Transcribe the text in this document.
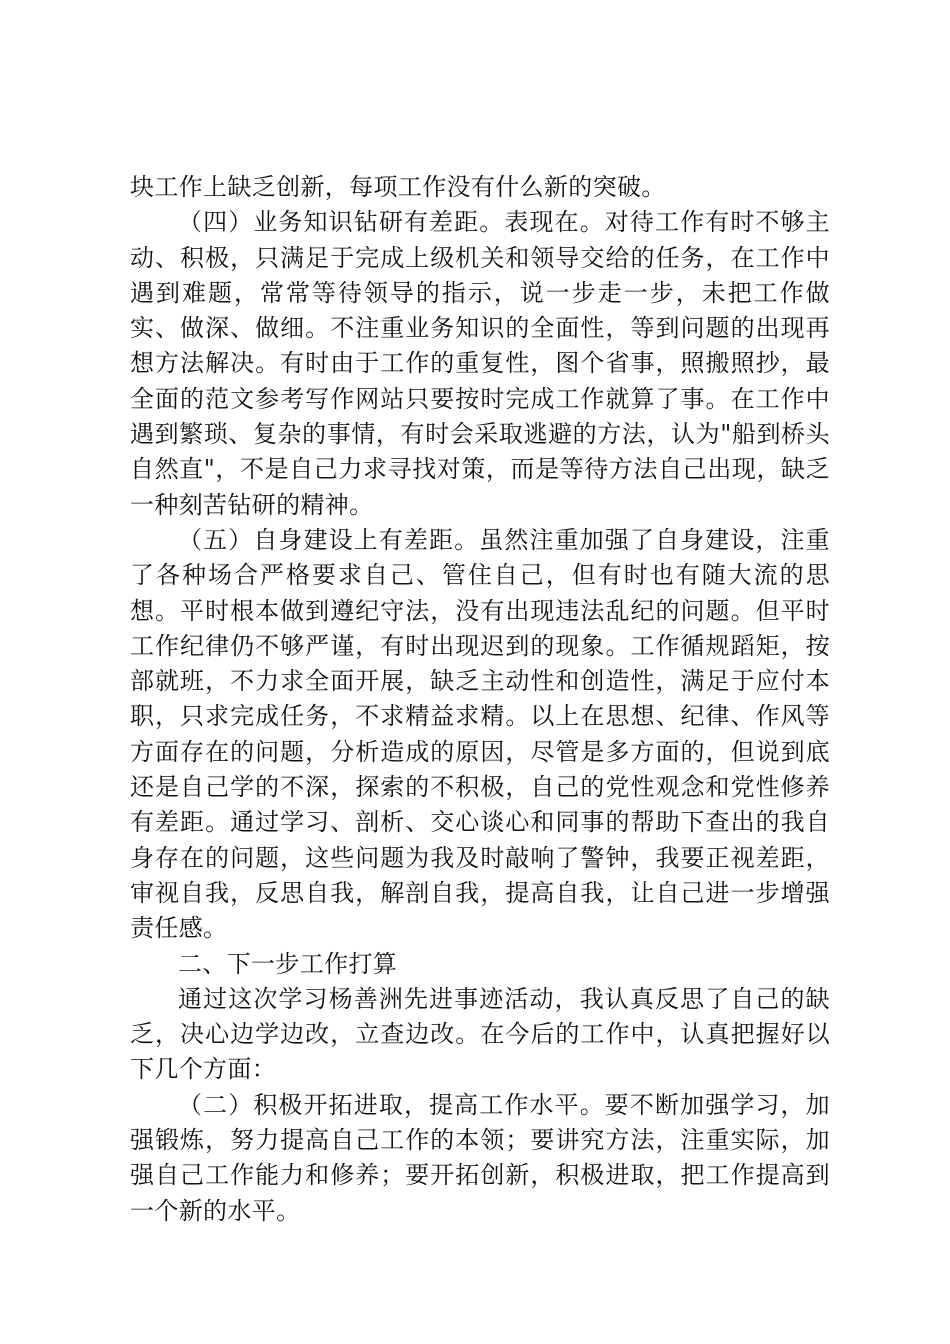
块工作上缺乏创新，每项工作没有什么新的突破。

（四）业务知识钻研有差距。表现在。对待工作有时不够主动、积极，只满足于完成上级机关和领导交给的任务，在工作中遇到难题，常常等待领导的指示，说一步走一步，未把工作做实、做深、做细。不注重业务知识的全面性，等到问题的出现再想方法解决。有时由于工作的重复性，图个省事，照搬照抄，最全面的范文参考写作网站只要按时完成工作就算了事。在工作中遇到繁琐、复杂的事情，有时会采取逃避的方法，认为"船到桥头自然直"，不是自己力求寻找对策，而是等待方法自己出现，缺乏一种刻苦钻研的精神。

（五）自身建设上有差距。虽然注重加强了自身建设，注重了各种场合严格要求自己、管住自己，但有时也有随大流的思想。平时根本做到遵纪守法，没有出现违法乱纪的问题。但平时工作纪律仍不够严谨，有时出现迟到的现象。工作循规蹈矩，按部就班，不力求全面开展，缺乏主动性和创造性，满足于应付本职，只求完成任务，不求精益求精。以上在思想、纪律、作风等方面存在的问题，分析造成的原因，尽管是多方面的，但说到底还是自己学的不深，探索的不积极，自己的党性观念和党性修养有差距。通过学习、剖析、交心谈心和同事的帮助下查出的我自身存在的问题，这些问题为我及时敲响了警钟，我要正视差距，审视自我，反思自我，解剖自我，提高自我，让自己进一步增强责任感。

二、下一步工作打算

通过这次学习杨善洲先进事迹活动，我认真反思了自己的缺乏，决心边学边改，立查边改。在今后的工作中，认真把握好以下几个方面：

（二）积极开拓进取，提高工作水平。要不断加强学习，加强锻炼，努力提高自己工作的本领；要讲究方法，注重实际，加强自己工作能力和修养；要开拓创新，积极进取，把工作提高到一个新的水平。
